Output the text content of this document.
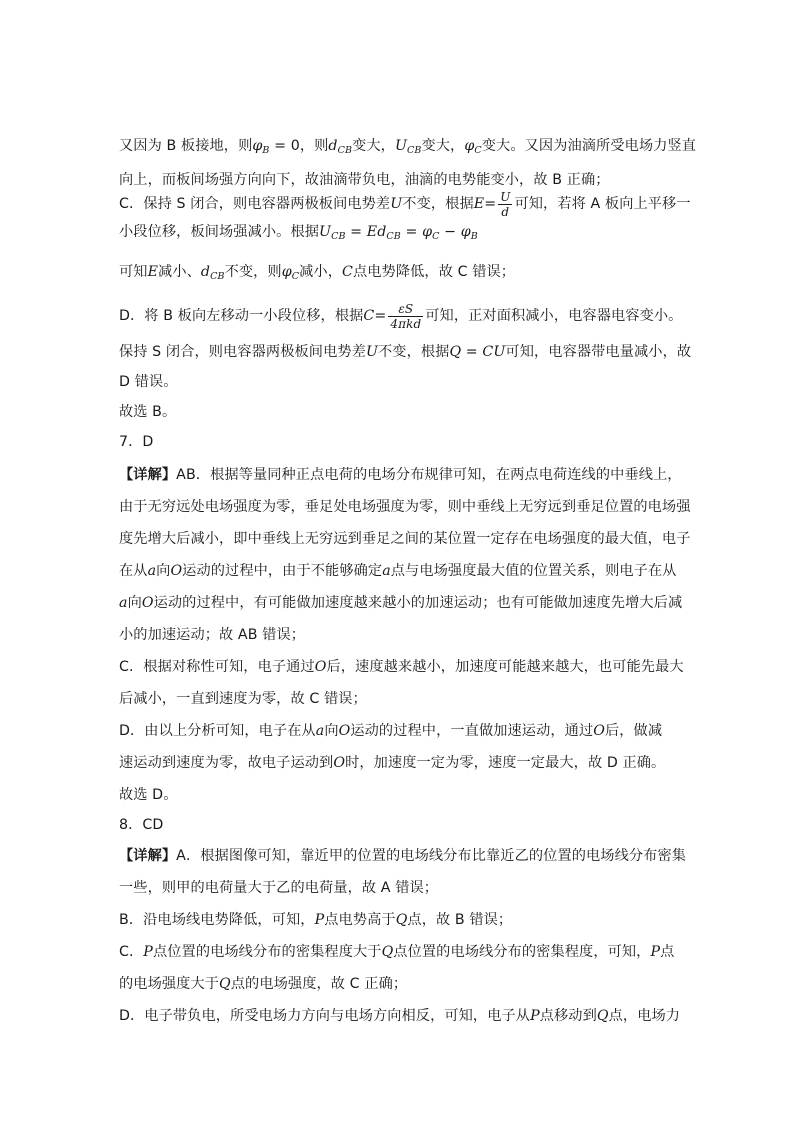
又因为 B 板接地，则$\varphi_B = 0$，则$d_{CB}$变大，$U_{CB}$变大，$\varphi_C$变大。又因为油滴所受电场力竖直
向上，而板间场强方向向下，故油滴带负电，油滴的电势能变小，故 B 正确；
C．保持 S 闭合，则电容器两极板间电势差 U 不变，根据 $E = \frac{U}{d}$ 可知，若将 A 板向上平移一
小段位移，板间场强减小。根据$U_{CB} = Ed_{CB} = \varphi_C - \varphi_B$
可知E减小、$d_{CB}$不变，则$\varphi_C$减小，C点电势降低，故 C 错误；
D．将 B 板向左移动一小段位移，根据 $C = \frac{\varepsilon S}{\text{4πkd}}$ 可知，正对面积减小，电容器电容变小。
保持 S 闭合，则电容器两极板间电势差U不变，根据Q = CU可知，电容器带电量减小，故
D 错误。
故选 B。
7．D
【详解】AB．根据等量同种正点电荷的电场分布规律可知，在两点电荷连线的中垂线上，
由于无穷远处电场强度为零，垂足处电场强度为零，则中垂线上无穷远到垂足位置的电场强
度先增大后减小，即中垂线上无穷远到垂足之间的某位置一定存在电场强度的最大值，电子
在从a向O运动的过程中，由于不能够确定a点与电场强度最大值的位置关系，则电子在从
a向O运动的过程中，有可能做加速度越来越小的加速运动；也有可能做加速度先增大后减
小的加速运动；故 AB 错误；
C．根据对称性可知，电子通过O后，速度越来越小，加速度可能越来越大，也可能先最大
后减小，一直到速度为零，故 C 错误；
D．由以上分析可知，电子在从a向O运动的过程中，一直做加速运动，通过O后，做减
速运动到速度为零，故电子运动到O时，加速度一定为零，速度一定最大，故 D 正确。
故选 D。
8．CD
【详解】A．根据图像可知，靠近甲的位置的电场线分布比靠近乙的位置的电场线分布密集
一些，则甲的电荷量大于乙的电荷量，故 A 错误；
B．沿电场线电势降低，可知，P点电势高于Q点，故 B 错误；
C．P点位置的电场线分布的密集程度大于Q点位置的电场线分布的密集程度，可知，P点
的电场强度大于Q点的电场强度，故 C 正确；
D．电子带负电，所受电场力方向与电场方向相反，可知，电子从P点移动到Q点，电场力
